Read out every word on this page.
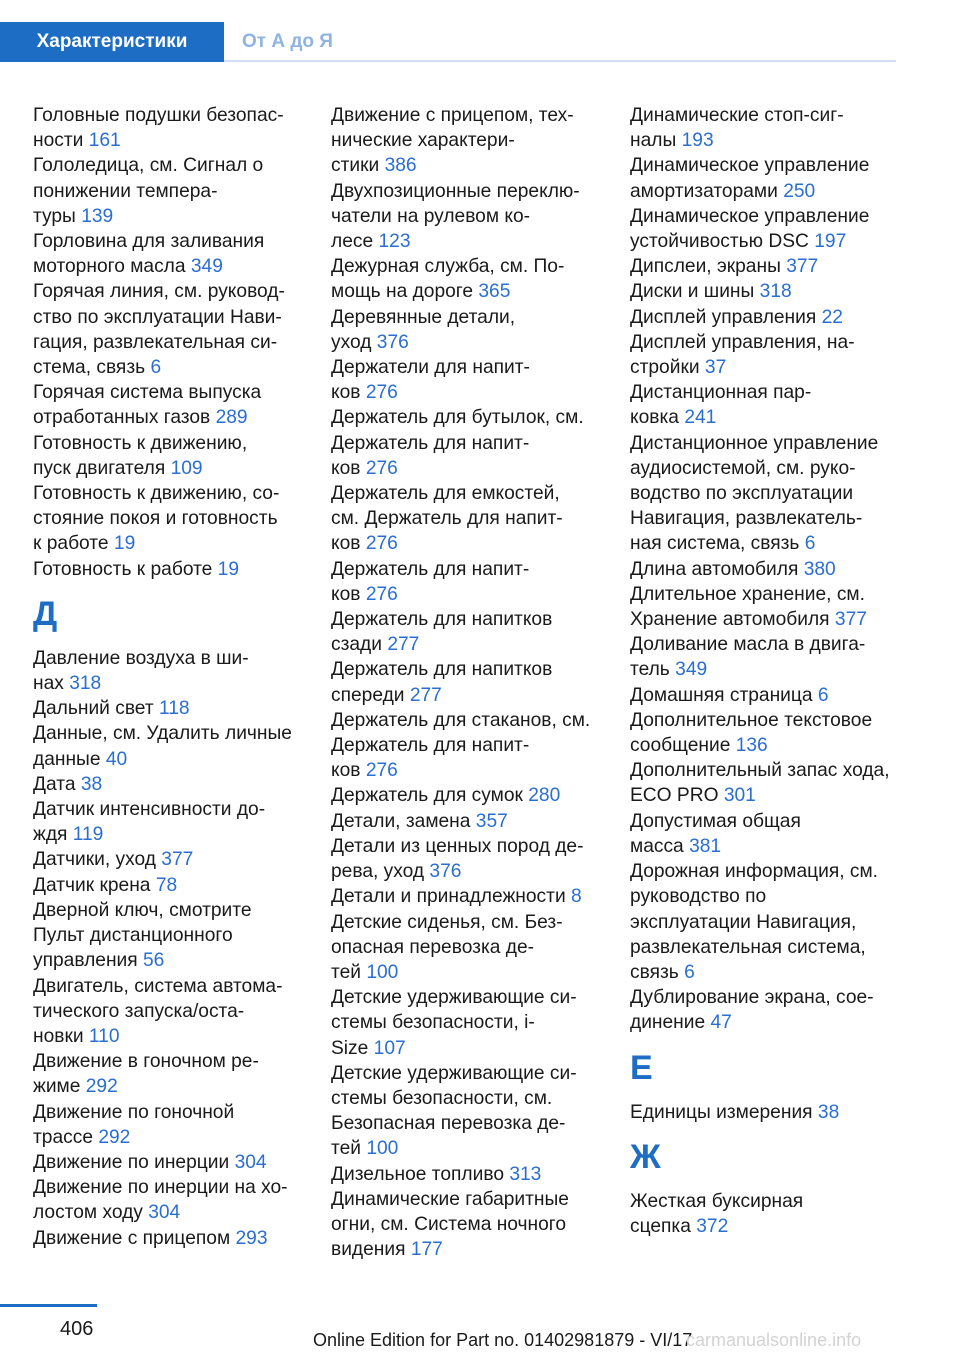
Характеристики	От А до Я
Головные подушки безопас-
ности 161
Гололедица, см. Сигнал о
понижении темпера-
туры 139
Горловина для заливания
моторного масла 349
Горячая линия, см. руковод-
ство по эксплуатации Нави-
гация, развлекательная си-
стема, связь 6
Горячая система выпуска
отработанных газов 289
Готовность к движению,
пуск двигателя 109
Готовность к движению, со-
стояние покоя и готовность
к работе 19
Готовность к работе 19
Д
Давление воздуха в ши-
нах 318
Дальний свет 118
Данные, см. Удалить личные
данные 40
Дата 38
Датчик интенсивности до-
ждя 119
Датчики, уход 377
Датчик крена 78
Дверной ключ, смотрите
Пульт дистанционного
управления 56
Двигатель, система автома-
тического запуска/оста-
новки 110
Движение в гоночном ре-
жиме 292
Движение по гоночной
трассе 292
Движение по инерции 304
Движение по инерции на хо-
лостом ходу 304
Движение с прицепом 293
Движение с прицепом, тех-
нические характери-
стики 386
Двухпозиционные переклю-
чатели на рулевом ко-
лесе 123
Дежурная служба, см. По-
мощь на дороге 365
Деревянные детали,
уход 376
Держатели для напит-
ков 276
Держатель для бутылок, см.
Держатель для напит-
ков 276
Держатель для емкостей,
см. Держатель для напит-
ков 276
Держатель для напит-
ков 276
Держатель для напитков
сзади 277
Держатель для напитков
спереди 277
Держатель для стаканов, см.
Держатель для напит-
ков 276
Держатель для сумок 280
Детали, замена 357
Детали из ценных пород де-
рева, уход 376
Детали и принадлежности 8
Детские сиденья, см. Без-
опасная перевозка де-
тей 100
Детские удерживающие си-
стемы безопасности, i-
Size 107
Детские удерживающие си-
стемы безопасности, см.
Безопасная перевозка де-
тей 100
Дизельное топливо 313
Динамические габаритные
огни, см. Система ночного
видения 177
Динамические стоп-сиг-
налы 193
Динамическое управление
амортизаторами 250
Динамическое управление
устойчивостью DSC 197
Дипслеи, экраны 377
Диски и шины 318
Дисплей управления 22
Дисплей управления, на-
стройки 37
Дистанционная пар-
ковка 241
Дистанционное управление
аудиосистемой, см. руко-
водство по эксплуатации
Навигация, развлекатель-
ная система, связь 6
Длина автомобиля 380
Длительное хранение, см.
Хранение автомобиля 377
Доливание масла в двига-
тель 349
Домашняя страница 6
Дополнительное текстовое
сообщение 136
Дополнительный запас хода,
ECO PRO 301
Допустимая общая
масса 381
Дорожная информация, см.
руководство по
эксплуатации Навигация,
развлекательная система,
связь 6
Дублирование экрана, сое-
динение 47
Е
Единицы измерения 38
Ж
Жесткая буксирная
сцепка 372
406	Online Edition for Part no. 01402981879 - VI/17
carmanualsonline.info
